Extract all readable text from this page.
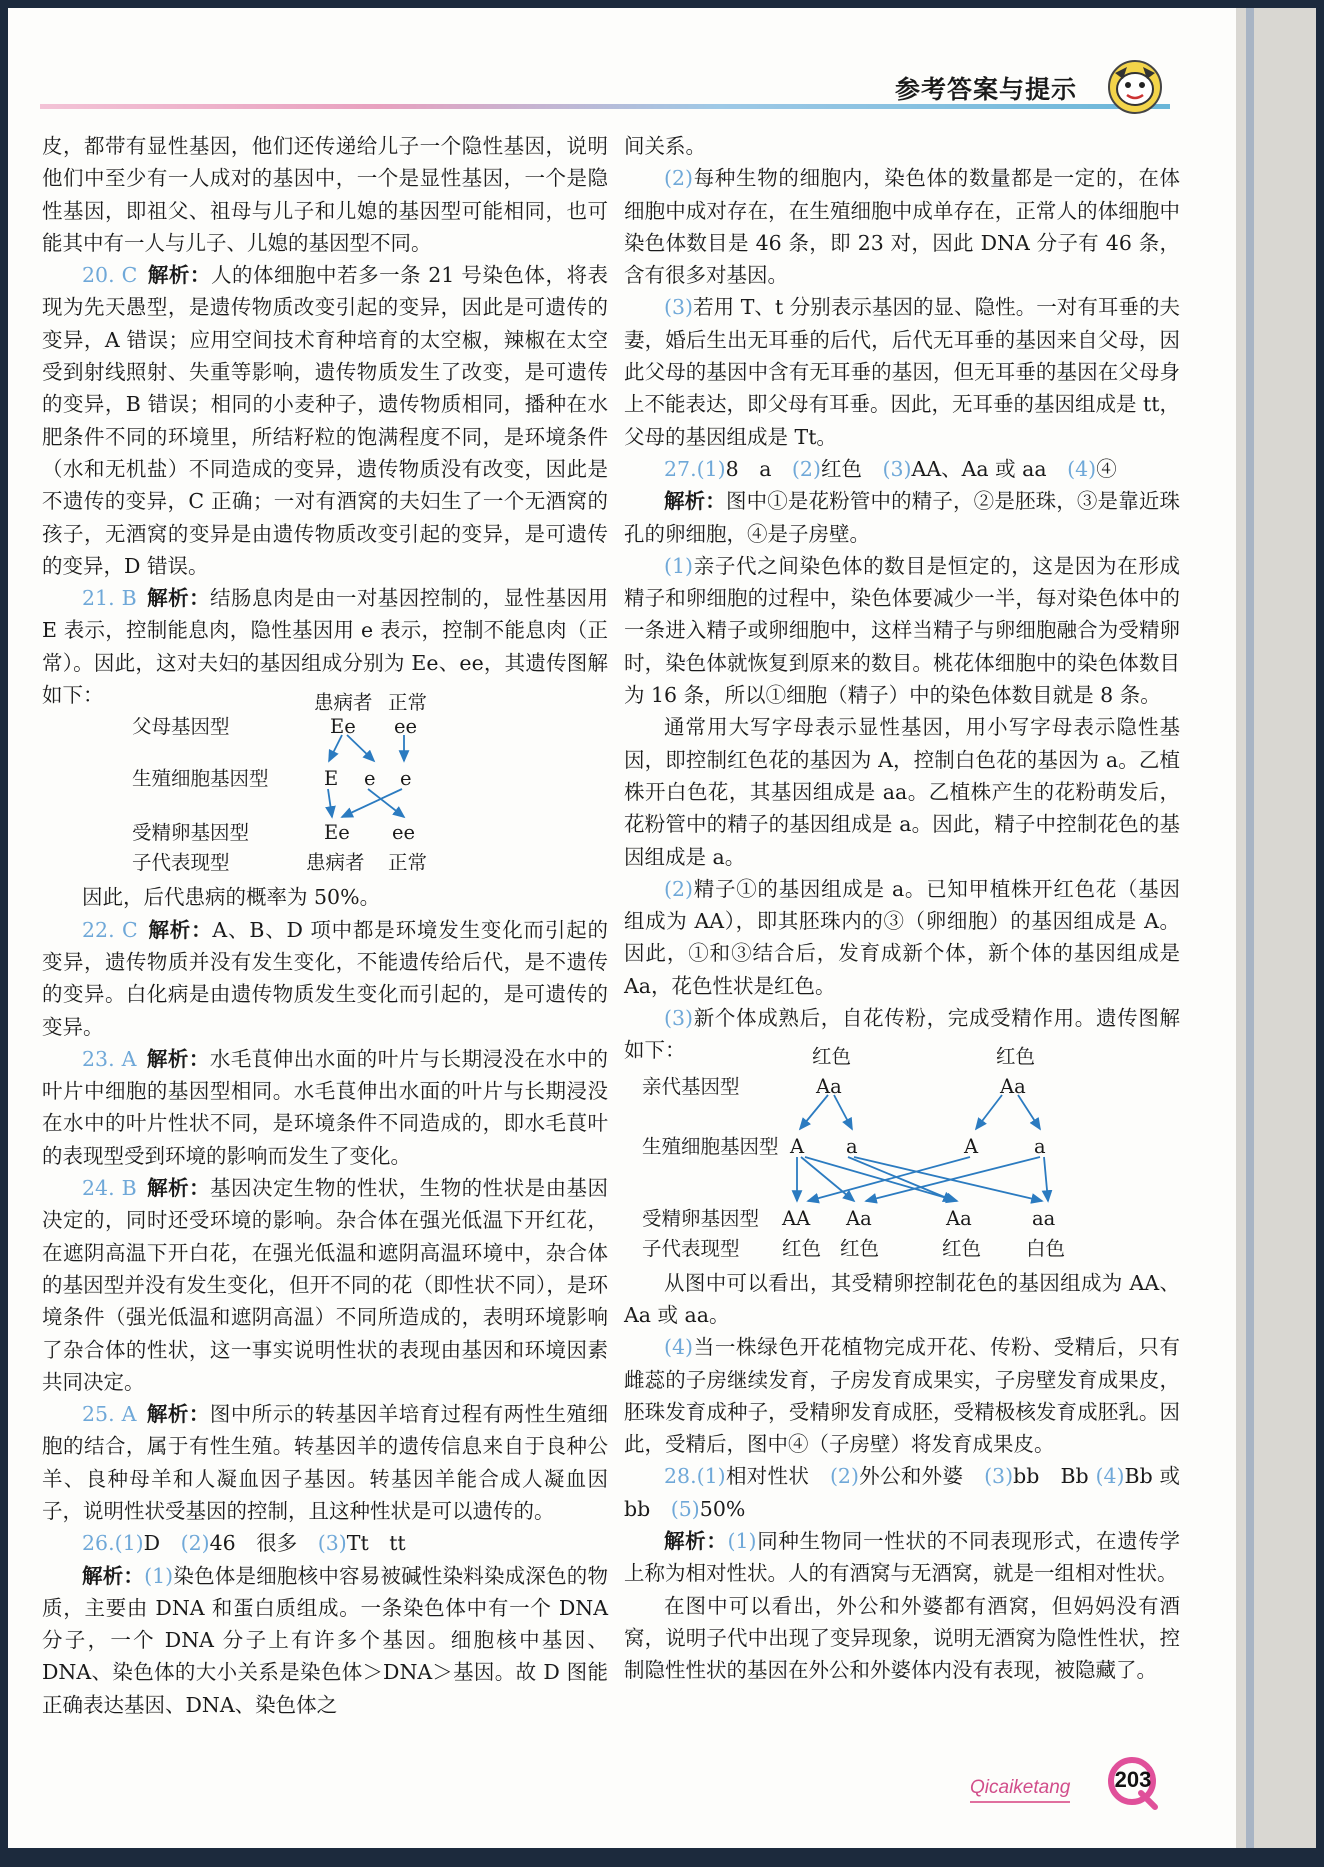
参考答案与提示

皮，都带有显性基因，他们还传递给儿子一个隐性基因，说明他们中至少有一人成对的基因中，一个是显性基因，一个是隐性基因，即祖父、祖母与儿子和儿媳的基因型可能相同，也可能其中有一人与儿子、儿媳的基因型不同。

20. C 解析：人的体细胞中若多一条 21 号染色体，将表现为先天愚型，是遗传物质改变引起的变异，因此是可遗传的变异，A 错误；应用空间技术育种培育的太空椒，辣椒在太空受到射线照射、失重等影响，遗传物质发生了改变，是可遗传的变异，B 错误；相同的小麦种子，遗传物质相同，播种在水肥条件不同的环境里，所结籽粒的饱满程度不同，是环境条件（水和无机盐）不同造成的变异，遗传物质没有改变，因此是不遗传的变异，C 正确；一对有酒窝的夫妇生了一个无酒窝的孩子，无酒窝的变异是由遗传物质改变引起的变异，是可遗传的变异，D 错误。

21. B 解析：结肠息肉是由一对基因控制的，显性基因用 E 表示，控制能息肉，隐性基因用 e 表示，控制不能息肉（正常）。因此，这对夫妇的基因组成分别为 Ee、ee，其遗传图解如下：	患病者 正常
父母基因型	Ee ee
生殖细胞基因型	E e e
受精卵基因型	Ee ee
子代表现型	患病者 正常

因此，后代患病的概率为 50%。

22. C 解析：A、B、D 项中都是环境发生变化而引起的变异，遗传物质并没有发生变化，不能遗传给后代，是不遗传的变异。白化病是由遗传物质发生变化而引起的，是可遗传的变异。

23. A 解析：水毛茛伸出水面的叶片与长期浸没在水中的叶片中细胞的基因型相同。水毛茛伸出水面的叶片与长期浸没在水中的叶片性状不同，是环境条件不同造成的，即水毛茛叶的表现型受到环境的影响而发生了变化。

24. B 解析：基因决定生物的性状，生物的性状是由基因决定的，同时还受环境的影响。杂合体在强光低温下开红花，在遮阴高温下开白花，在强光低温和遮阴高温环境中，杂合体的基因型并没有发生变化，但开不同的花（即性状不同），是环境条件（强光低温和遮阴高温）不同所造成的，表明环境影响了杂合体的性状，这一事实说明性状的表现由基因和环境因素共同决定。

25. A 解析：图中所示的转基因羊培育过程有两性生殖细胞的结合，属于有性生殖。转基因羊的遗传信息来自于良种公羊、良种母羊和人凝血因子基因。转基因羊能合成人凝血因子，说明性状受基因的控制，且这种性状是可以遗传的。

26.(1)D　 (2)46　很多　 (3)Tt　tt

解析：(1)染色体是细胞核中容易被碱性染料染成深色的物质，主要由 DNA 和蛋白质组成。一条染色体中有一个 DNA 分子，一个 DNA 分子上有许多个基因。细胞核中基因、DNA、染色体的大小关系是染色体＞DNA＞基因。故 D 图能正确表达基因、DNA、染色体之

间关系。

(2)每种生物的细胞内，染色体的数量都是一定的，在体细胞中成对存在，在生殖细胞中成单存在，正常人的体细胞中染色体数目是 46 条，即 23 对，因此 DNA 分子有 46 条，含有很多对基因。

(3)若用 T、t 分别表示基因的显、隐性。一对有耳垂的夫妻，婚后生出无耳垂的后代，后代无耳垂的基因来自父母，因此父母的基因中含有无耳垂的基因，但无耳垂的基因在父母身上不能表达，即父母有耳垂。因此，无耳垂的基因组成是 tt，父母的基因组成是 Tt。

27.(1)8　a　 (2)红色　 (3)AA、Aa 或 aa　 (4)④

解析：图中①是花粉管中的精子，②是胚珠，③是靠近珠孔的卵细胞，④是子房壁。

(1)亲子代之间染色体的数目是恒定的，这是因为在形成精子和卵细胞的过程中，染色体要减少一半，每对染色体中的一条进入精子或卵细胞中，这样当精子与卵细胞融合为受精卵时，染色体就恢复到原来的数目。桃花体细胞中的染色体数目为 16 条，所以①细胞（精子）中的染色体数目就是 8 条。

通常用大写字母表示显性基因，用小写字母表示隐性基因，即控制红色花的基因为 A，控制白色花的基因为 a。乙植株开白色花，其基因组成是 aa。乙植株产生的花粉萌发后，花粉管中的精子的基因组成是 a。因此，精子中控制花色的基因组成是 a。

(2)精子①的基因组成是 a。已知甲植株开红色花（基因组成为 AA），即其胚珠内的③（卵细胞）的基因组成是 A。因此，①和③结合后，发育成新个体，新个体的基因组成是 Aa，花色性状是红色。

(3)新个体成熟后，自花传粉，完成受精作用。遗传图解如下：	红色	红色
亲代基因型	Aa	Aa
生殖细胞基因型 A a	A	a
受精卵基因型 AA Aa	Aa	aa
子代表现型 红色 红色	红色 白色

从图中可以看出，其受精卵控制花色的基因组成为 AA、Aa 或 aa。

(4)当一株绿色开花植物完成开花、传粉、受精后，只有雌蕊的子房继续发育，子房发育成果实，子房壁发育成果皮，胚珠发育成种子，受精卵发育成胚，受精极核发育成胚乳。因此，受精后，图中④（子房壁）将发育成果皮。

28.(1)相对性状　 (2)外公和外婆　 (3)bb　Bb (4)Bb 或 bb　 (5)50%

解析：(1)同种生物同一性状的不同表现形式，在遗传学上称为相对性状。人的有酒窝与无酒窝，就是一组相对性状。

在图中可以看出，外公和外婆都有酒窝，但妈妈没有酒窝，说明子代中出现了变异现象，说明无酒窝为隐性性状，控制隐性性状的基因在外公和外婆体内没有表现，被隐藏了。

Qicaiketang	203
